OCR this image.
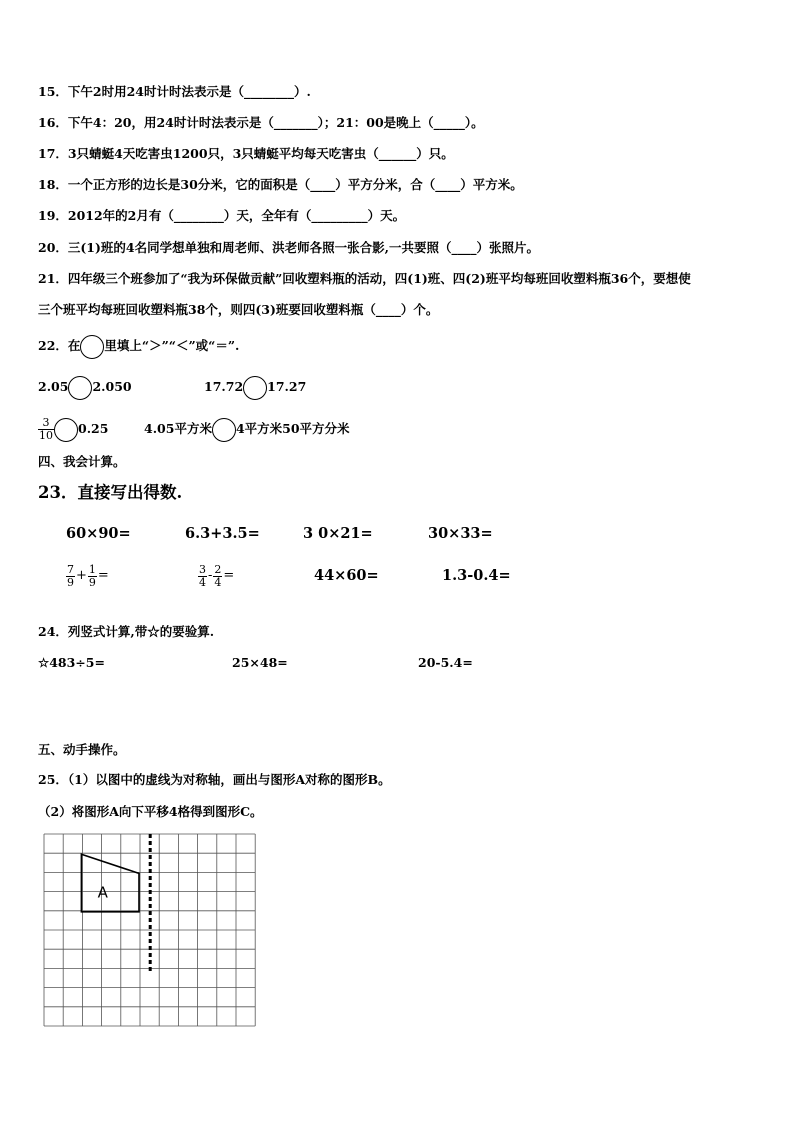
15．下午2时用24时计时法表示是（________）.
16．下午4：20，用24时计时法表示是（_______）；21：00是晚上（_____）。
17．3只蜻蜓4天吃害虫1200只，3只蜻蜓平均每天吃害虫（______）只。
18．一个正方形的边长是30分米，它的面积是（____）平方分米，合（____）平方米。
19．2012年的2月有（________）天，全年有（_________）天。
20．三(1)班的4名同学想单独和周老师、洪老师各照一张合影,一共要照（____）张照片。
21．四年级三个班参加了“我为环保做贡献”回收塑料瓶的活动，四(1)班、四(2)班平均每班回收塑料瓶36个，要想使
三个班平均每班回收塑料瓶38个，则四(3)班要回收塑料瓶（____）个。
22．在 里填上“＞”“＜”或“＝”.
2.05 2.050	17.72 17.27
$\frac{3}{10} 0.25$	4.05平方米 4平方米50平方分米
四、我会计算。
23．直接写出得数.
60×90=	6.3+3.5=	3 0×21=	30×33=
$\frac{7}{9} + \frac{1}{9}$ =	$\frac{3}{4} - \frac{2}{4}$ =	44×60=	1.3-0.4=
24．列竖式计算,带☆的要验算.
☆483÷5=	25×48=	20-5.4=
五、动手操作。
25．（1）以图中的虚线为对称轴，画出与图形A对称的图形B。
（2）将图形A向下平移4格得到图形C。
A
